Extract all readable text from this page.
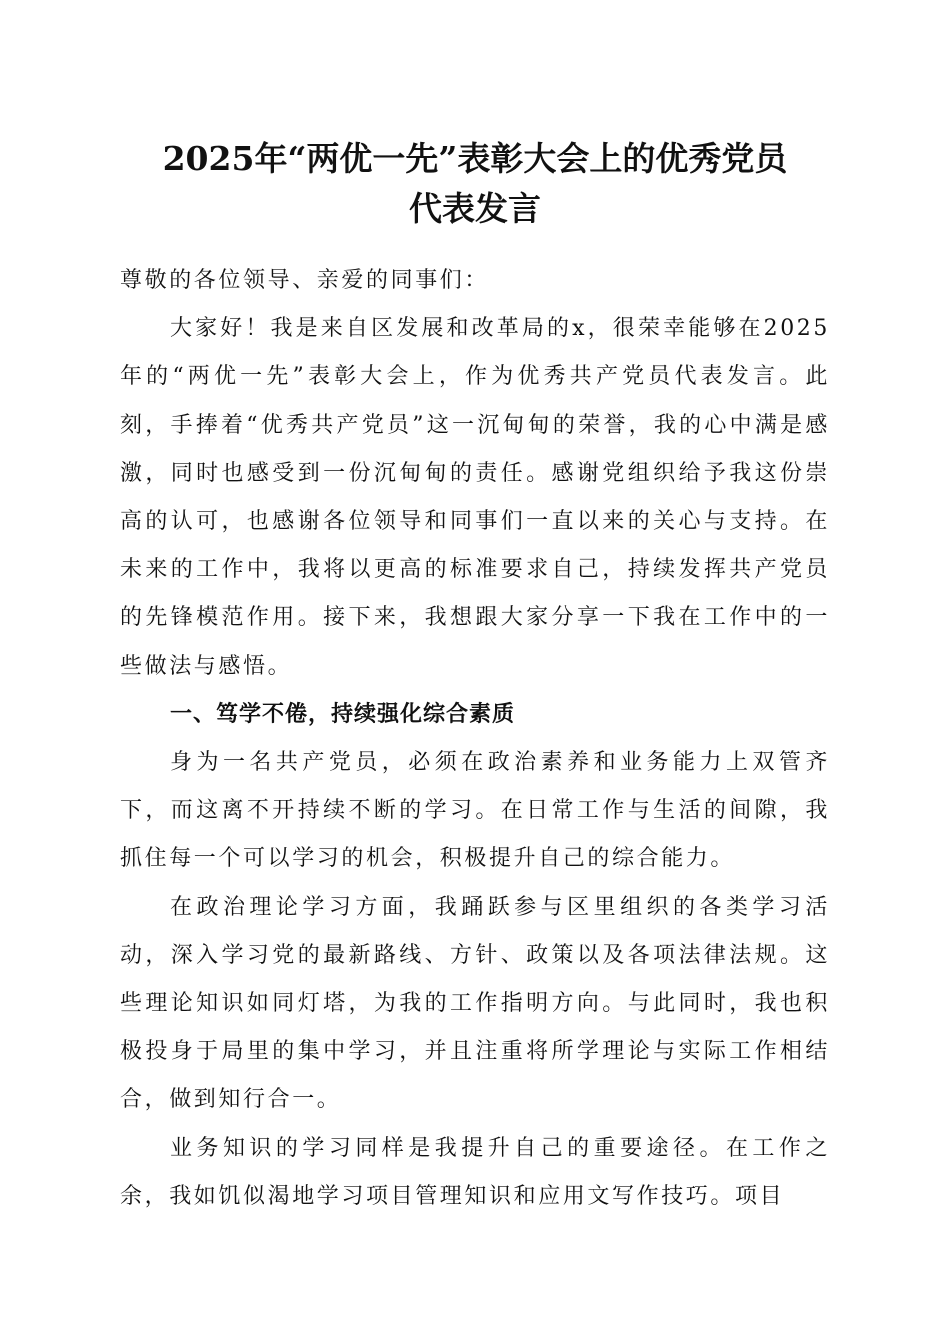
2025年“两优一先”表彰大会上的优秀党员
代表发言

尊敬的各位领导、亲爱的同事们：

大家好！我是来自区发展和改革局的x，很荣幸能够在2025年的“两优一先”表彰大会上，作为优秀共产党员代表发言。此刻，手捧着“优秀共产党员”这一沉甸甸的荣誉，我的心中满是感激，同时也感受到一份沉甸甸的责任。感谢党组织给予我这份崇高的认可，也感谢各位领导和同事们一直以来的关心与支持。在未来的工作中，我将以更高的标准要求自己，持续发挥共产党员的先锋模范作用。接下来，我想跟大家分享一下我在工作中的一些做法与感悟。

一、笃学不倦，持续强化综合素质

身为一名共产党员，必须在政治素养和业务能力上双管齐下，而这离不开持续不断的学习。在日常工作与生活的间隙，我抓住每一个可以学习的机会，积极提升自己的综合能力。

在政治理论学习方面，我踊跃参与区里组织的各类学习活动，深入学习党的最新路线、方针、政策以及各项法律法规。这些理论知识如同灯塔，为我的工作指明方向。与此同时，我也积极投身于局里的集中学习，并且注重将所学理论与实际工作相结合，做到知行合一。

业务知识的学习同样是我提升自己的重要途径。在工作之余，我如饥似渴地学习项目管理知识和应用文写作技巧。项目
